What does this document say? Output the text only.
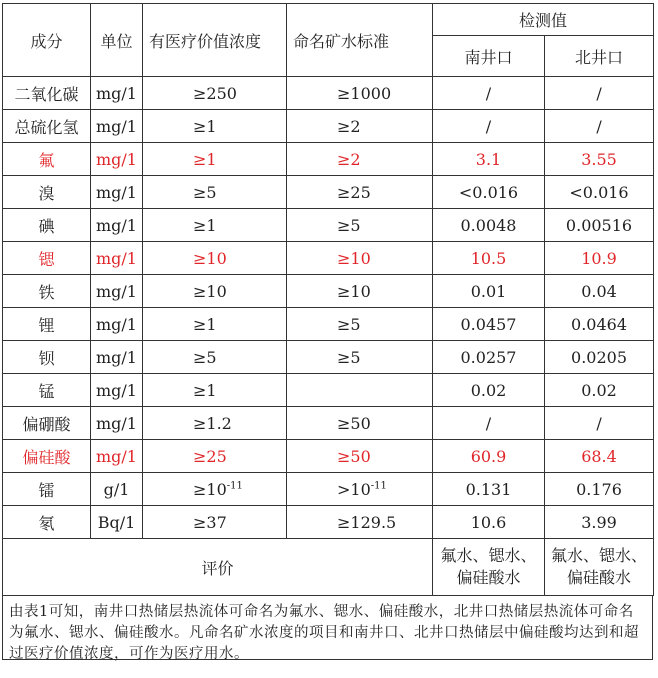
成分	单位	有医疗价值浓度	命名矿水标准	检测值	
				南井口	北井口
二氧化碳	mg/1	≥250	≥1000	/	/
总硫化氢	mg/1	≥1	≥2	/	/
氟	mg/1	≥1	≥2	3.1	3.55
溴	mg/1	≥5	≥25	<0.016	<0.016
碘	mg/1	≥1	≥5	0.0048	0.00516
锶	mg/1	≥10	≥10	10.5	10.9
铁	mg/1	≥10	≥10	0.01	0.04
锂	mg/1	≥1	≥5	0.0457	0.0464
钡	mg/1	≥5	≥5	0.0257	0.0205
锰	mg/1	≥1		0.02	0.02
偏硼酸	mg/1	≥1.2	≥50	/	/
偏硅酸	mg/1	≥25	≥50	60.9	68.4
镭	g/1	$\ge 10^{-11}$	$>10^{-11}$	0.131	0.176
氡	Bq/1	≥37	≥129.5	10.6	3.99
评价				氟水、锶水、偏硅酸水	氟水、锶水、偏硅酸水
由表1可知，南井口热储层热流体可命名为氟水、锶水、偏硅酸水，北井口热储层热流体可命名为氟水、锶水、偏硅酸水。凡命名矿水浓度的项目和南井口、北井口热储层中偏硅酸均达到和超过医疗价值浓度，可作为医疗用水。
